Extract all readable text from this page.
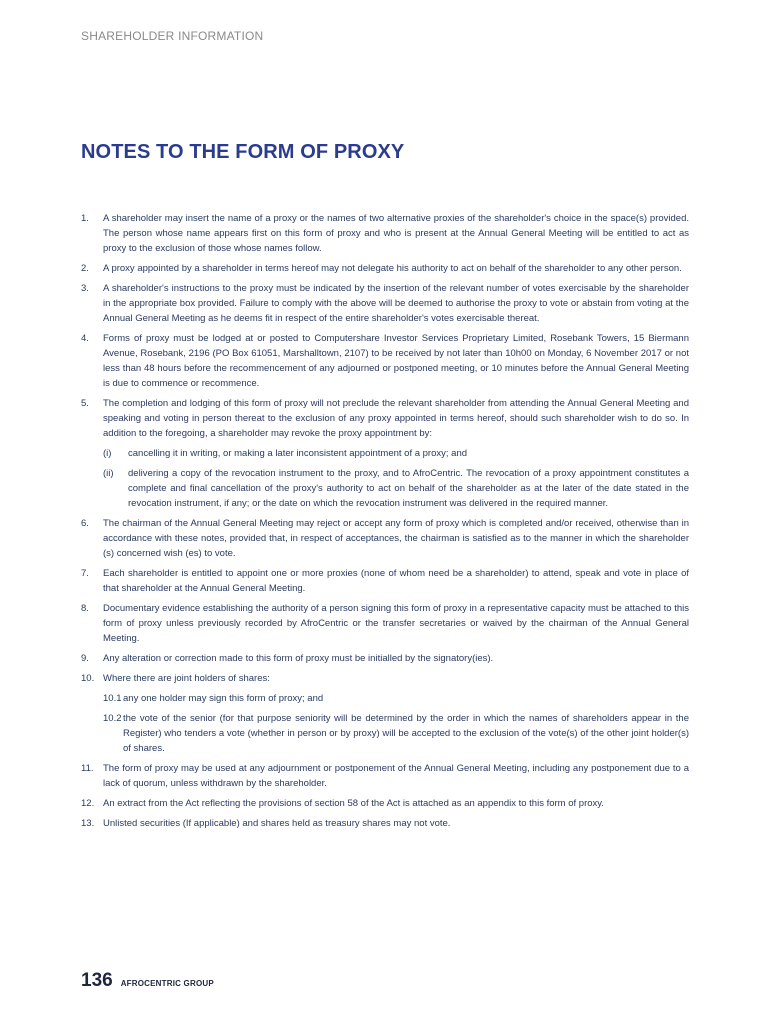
SHAREHOLDER INFORMATION
NOTES TO THE FORM OF PROXY
1.	A shareholder may insert the name of a proxy or the names of two alternative proxies of the shareholder's choice in the space(s) provided. The person whose name appears first on this form of proxy and who is present at the Annual General Meeting will be entitled to act as proxy to the exclusion of those whose names follow.
2.	A proxy appointed by a shareholder in terms hereof may not delegate his authority to act on behalf of the shareholder to any other person.
3.	A shareholder's instructions to the proxy must be indicated by the insertion of the relevant number of votes exercisable by the shareholder in the appropriate box provided. Failure to comply with the above will be deemed to authorise the proxy to vote or abstain from voting at the Annual General Meeting as he deems fit in respect of the entire shareholder's votes exercisable thereat.
4.	Forms of proxy must be lodged at or posted to Computershare Investor Services Proprietary Limited, Rosebank Towers, 15 Biermann Avenue, Rosebank, 2196 (PO Box 61051, Marshalltown, 2107) to be received by not later than 10h00 on Monday, 6 November 2017 or not less than 48 hours before the recommencement of any adjourned or postponed meeting, or 10 minutes before the Annual General Meeting is due to commence or recommence.
5.	The completion and lodging of this form of proxy will not preclude the relevant shareholder from attending the Annual General Meeting and speaking and voting in person thereat to the exclusion of any proxy appointed in terms hereof, should such shareholder wish to do so. In addition to the foregoing, a shareholder may revoke the proxy appointment by:
(i)	cancelling it in writing, or making a later inconsistent appointment of a proxy; and
(ii)	delivering a copy of the revocation instrument to the proxy, and to AfroCentric. The revocation of a proxy appointment constitutes a complete and final cancellation of the proxy's authority to act on behalf of the shareholder as at the later of the date stated in the revocation instrument, if any; or the date on which the revocation instrument was delivered in the required manner.
6.	The chairman of the Annual General Meeting may reject or accept any form of proxy which is completed and/or received, otherwise than in accordance with these notes, provided that, in respect of acceptances, the chairman is satisfied as to the manner in which the shareholder (s) concerned wish (es) to vote.
7.	Each shareholder is entitled to appoint one or more proxies (none of whom need be a shareholder) to attend, speak and vote in place of that shareholder at the Annual General Meeting.
8.	Documentary evidence establishing the authority of a person signing this form of proxy in a representative capacity must be attached to this form of proxy unless previously recorded by AfroCentric or the transfer secretaries or waived by the chairman of the Annual General Meeting.
9.	Any alteration or correction made to this form of proxy must be initialled by the signatory(ies).
10. Where there are joint holders of shares:
10.1 any one holder may sign this form of proxy; and
10.2 the vote of the senior (for that purpose seniority will be determined by the order in which the names of shareholders appear in the Register) who tenders a vote (whether in person or by proxy) will be accepted to the exclusion of the vote(s) of the other joint holder(s) of shares.
11. The form of proxy may be used at any adjournment or postponement of the Annual General Meeting, including any postponement due to a lack of quorum, unless withdrawn by the shareholder.
12. An extract from the Act reflecting the provisions of section 58 of the Act is attached as an appendix to this form of proxy.
13. Unlisted securities (If applicable) and shares held as treasury shares may not vote.
136 AFROCENTRIC GROUP
